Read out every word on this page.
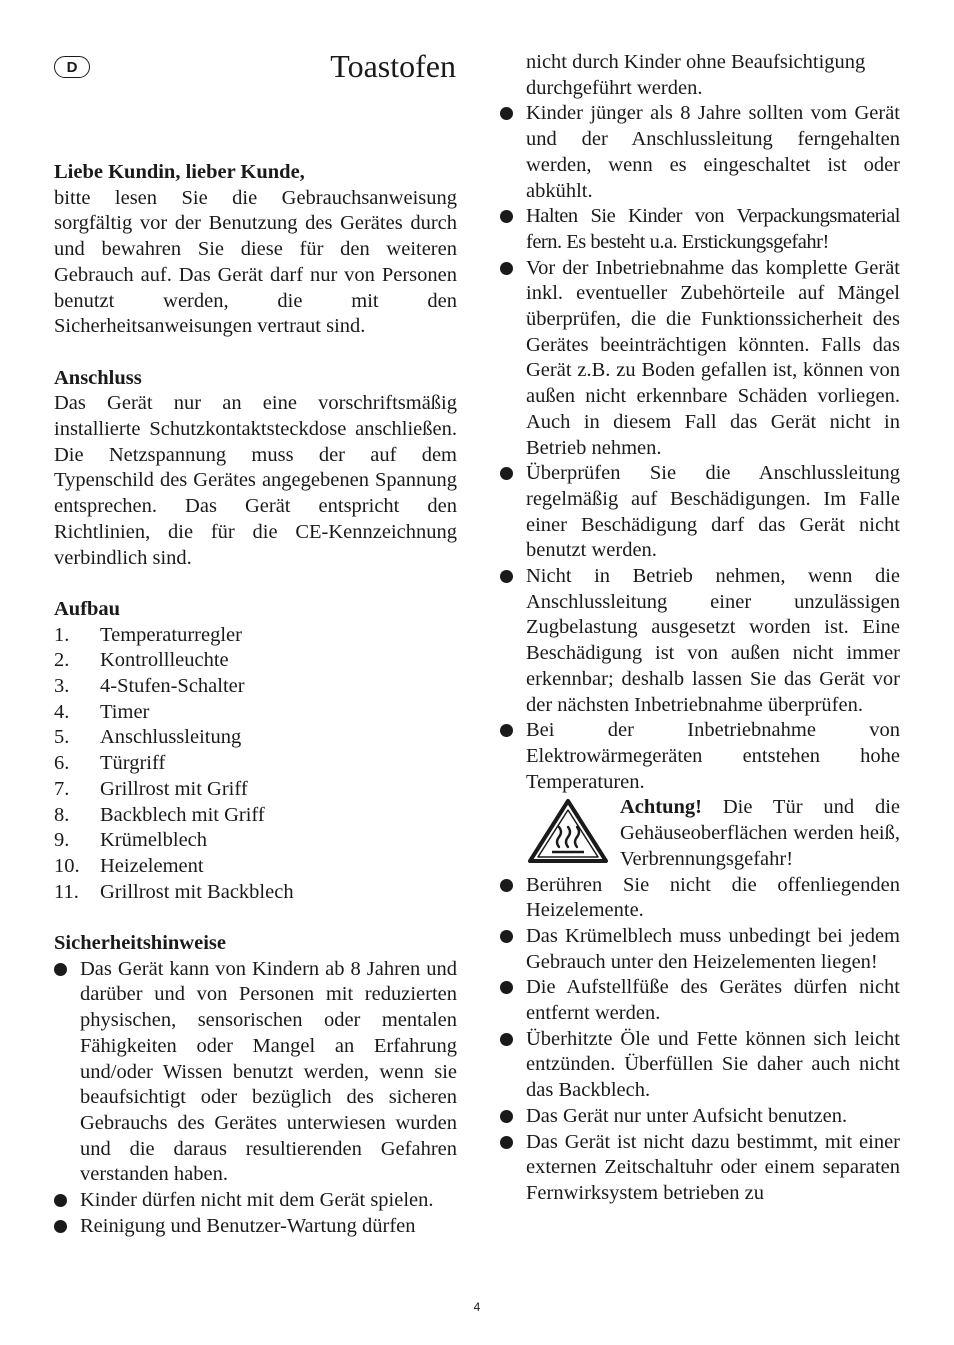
D	Toastofen

Liebe Kundin, lieber Kunde,

bitte lesen Sie die Gebrauchsanweisung sorgfältig vor der Benutzung des Gerätes durch und bewahren Sie diese für den weiteren Gebrauch auf. Das Gerät darf nur von Personen benutzt werden, die mit den Sicherheitsanweisungen vertraut sind.

Anschluss

Das Gerät nur an eine vorschriftsmäßig installierte Schutzkontaktsteckdose anschließen. Die Netzspannung muss der auf dem Typenschild des Gerätes angegebenen Spannung entsprechen. Das Gerät entspricht den Richtlinien, die für die CE-Kennzeichnung verbindlich sind.

Aufbau

1.	Temperaturregler
2.	Kontrollleuchte
3.	4-Stufen-Schalter
4.	Timer
5.	Anschlussleitung
6.	Türgriff
7.	Grillrost mit Griff
8.	Backblech mit Griff
9.	Krümelblech
10. Heizelement
11.	Grillrost mit Backblech

Sicherheitshinweise

Das Gerät kann von Kindern ab 8 Jahren und darüber und von Personen mit reduzierten physischen, sensorischen oder mentalen Fähigkeiten oder Mangel an Erfahrung und/oder Wissen benutzt werden, wenn sie beaufsichtigt oder bezüglich des sicheren Gebrauchs des Gerätes unterwiesen wurden und die daraus resultierenden Gefahren verstanden haben.
Kinder dürfen nicht mit dem Gerät spielen.
Reinigung und Benutzer-Wartung dürfen
nicht durch Kinder ohne Beaufsichtigung durchgeführt werden.
Kinder jünger als 8 Jahre sollten vom Gerät und der Anschlussleitung ferngehalten werden, wenn es eingeschaltet ist oder abkühlt.
Halten Sie Kinder von Verpackungsmaterial fern. Es besteht u.a. Erstickungsgefahr!
Vor der Inbetriebnahme das komplette Gerät inkl. eventueller Zubehörteile auf Mängel überprüfen, die die Funktionssicherheit des Gerätes beeinträchtigen könnten. Falls das Gerät z.B. zu Boden gefallen ist, können von außen nicht erkennbare Schäden vorliegen. Auch in diesem Fall das Gerät nicht in Betrieb nehmen.
Überprüfen Sie die Anschlussleitung regelmäßig auf Beschädigungen. Im Falle einer Beschädigung darf das Gerät nicht benutzt werden.
Nicht in Betrieb nehmen, wenn die Anschlussleitung einer unzulässigen Zugbelastung ausgesetzt worden ist. Eine Beschädigung ist von außen nicht immer erkennbar; deshalb lassen Sie das Gerät vor der nächsten Inbetriebnahme überprüfen.
Bei der Inbetriebnahme von Elektrowärmegeräten entstehen hohe Temperaturen.

Achtung! Die Tür und die Gehäuseoberflächen werden heiß, Verbrennungsgefahr!

Berühren Sie nicht die offenliegenden Heizelemente.
Das Krümelblech muss unbedingt bei jedem Gebrauch unter den Heizelementen liegen!
Die Aufstellfüße des Gerätes dürfen nicht entfernt werden.
Überhitzte Öle und Fette können sich leicht entzünden. Überfüllen Sie daher auch nicht das Backblech.
Das Gerät nur unter Aufsicht benutzen.
Das Gerät ist nicht dazu bestimmt, mit einer externen Zeitschaltuhr oder einem separaten Fernwirksystem betrieben zu
4
